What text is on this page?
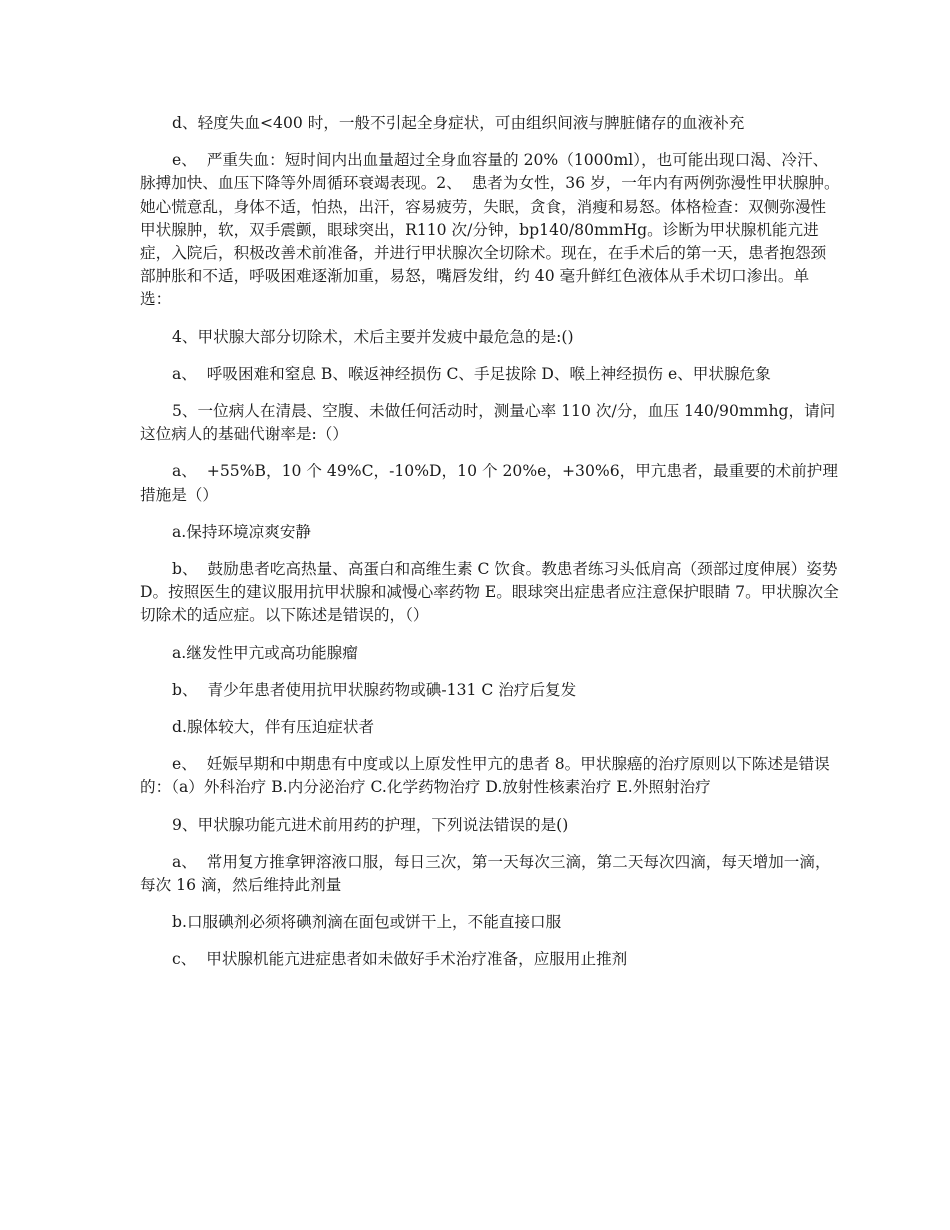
d、轻度失血<400 时，一般不引起全身症状，可由组织间液与脾脏储存的血液补充

e、  严重失血：短时间内出血量超过全身血容量的 20%（1000ml），也可能出现口渴、冷汗、脉搏加快、血压下降等外周循环衰竭表现。2、  患者为女性，36 岁，一年内有两例弥漫性甲状腺肿。她心慌意乱，身体不适，怕热，出汗，容易疲劳，失眠，贪食，消瘦和易怒。体格检查：双侧弥漫性甲状腺肿，软，双手震颤，眼球突出，R110 次/分钟，bp140/80mmHg。诊断为甲状腺机能亢进症，入院后，积极改善术前准备，并进行甲状腺次全切除术。现在，在手术后的第一天，患者抱怨颈部肿胀和不适，呼吸困难逐渐加重，易怒，嘴唇发绀，约 40 毫升鲜红色液体从手术切口渗出。单选：

4、甲状腺大部分切除术，术后主要并发疲中最危急的是:()

a、  呼吸困难和窒息 B、喉返神经损伤 C、手足拔除 D、喉上神经损伤 e、甲状腺危象

5、一位病人在清晨、空腹、未做任何活动时，测量心率 110 次/分，血压 140/90mmhg，请问这位病人的基础代谢率是:（）

a、  +55%B，10 个 49%C，-10%D，10 个 20%e，+30%6，甲亢患者，最重要的术前护理措施是（）

a.保持环境凉爽安静

b、  鼓励患者吃高热量、高蛋白和高维生素 C 饮食。教患者练习头低肩高（颈部过度伸展）姿势 D。按照医生的建议服用抗甲状腺和减慢心率药物 E。眼球突出症患者应注意保护眼睛 7。甲状腺次全切除术的适应症。以下陈述是错误的，（）

a.继发性甲亢或高功能腺瘤

b、  青少年患者使用抗甲状腺药物或碘-131 C 治疗后复发

d.腺体较大，伴有压迫症状者

e、  妊娠早期和中期患有中度或以上原发性甲亢的患者 8。甲状腺癌的治疗原则以下陈述是错误的：（a）外科治疗 B.内分泌治疗 C.化学药物治疗 D.放射性核素治疗 E.外照射治疗

9、甲状腺功能亢进术前用药的护理，下列说法错误的是()

a、  常用复方推拿钾溶液口服，每日三次，第一天每次三滴，第二天每次四滴，每天增加一滴，每次 16 滴，然后维持此剂量

b.口服碘剂必须将碘剂滴在面包或饼干上，不能直接口服

c、  甲状腺机能亢进症患者如未做好手术治疗准备，应服用止推剂
